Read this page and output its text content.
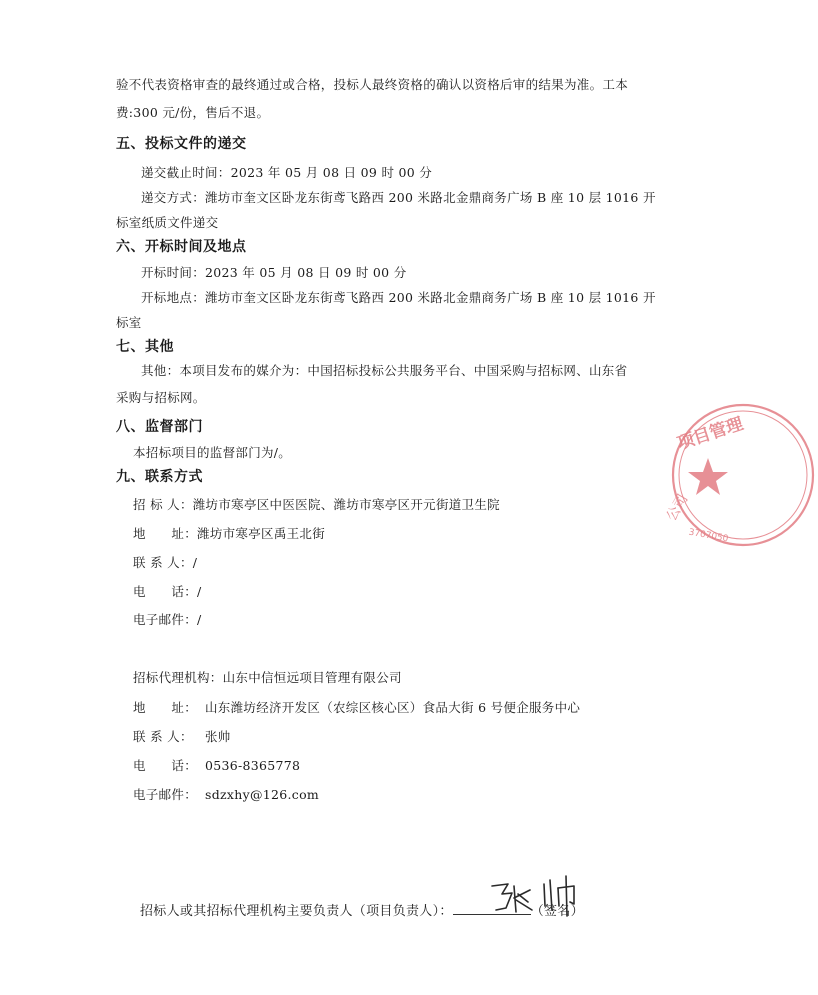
验不代表资格审查的最终通过或合格，投标人最终资格的确认以资格后审的结果为准。工本
费:300 元/份，售后不退。
五、投标文件的递交
递交截止时间：2023 年 05 月 08 日 09 时 00 分
递交方式：潍坊市奎文区卧龙东街鸢飞路西 200 米路北金鼎商务广场 B 座 10 层 1016 开
标室纸质文件递交
六、开标时间及地点
开标时间：2023 年 05 月 08 日 09 时 00 分
开标地点：潍坊市奎文区卧龙东街鸢飞路西 200 米路北金鼎商务广场 B 座 10 层 1016 开
标室
七、其他
其他：本项目发布的媒介为：中国招标投标公共服务平台、中国采购与招标网、山东省
采购与招标网。
八、监督部门
本招标项目的监督部门为/。
九、联系方式
招 标 人：潍坊市寒亭区中医医院、潍坊市寒亭区开元街道卫生院
地　　址：潍坊市寒亭区禹王北街
联 系 人：/
电　　话：/
电子邮件：/
招标代理机构：山东中信恒远项目管理有限公司
地　　址： 山东潍坊经济开发区（农综区核心区）食品大街 6 号便企服务中心
联 系 人： 张帅
电　　话： 0536-8365778
电子邮件： sdzxhy@126.com
招标人或其招标代理机构主要负责人（项目负责人）：	（签名）
项目管理
3707050
公司
